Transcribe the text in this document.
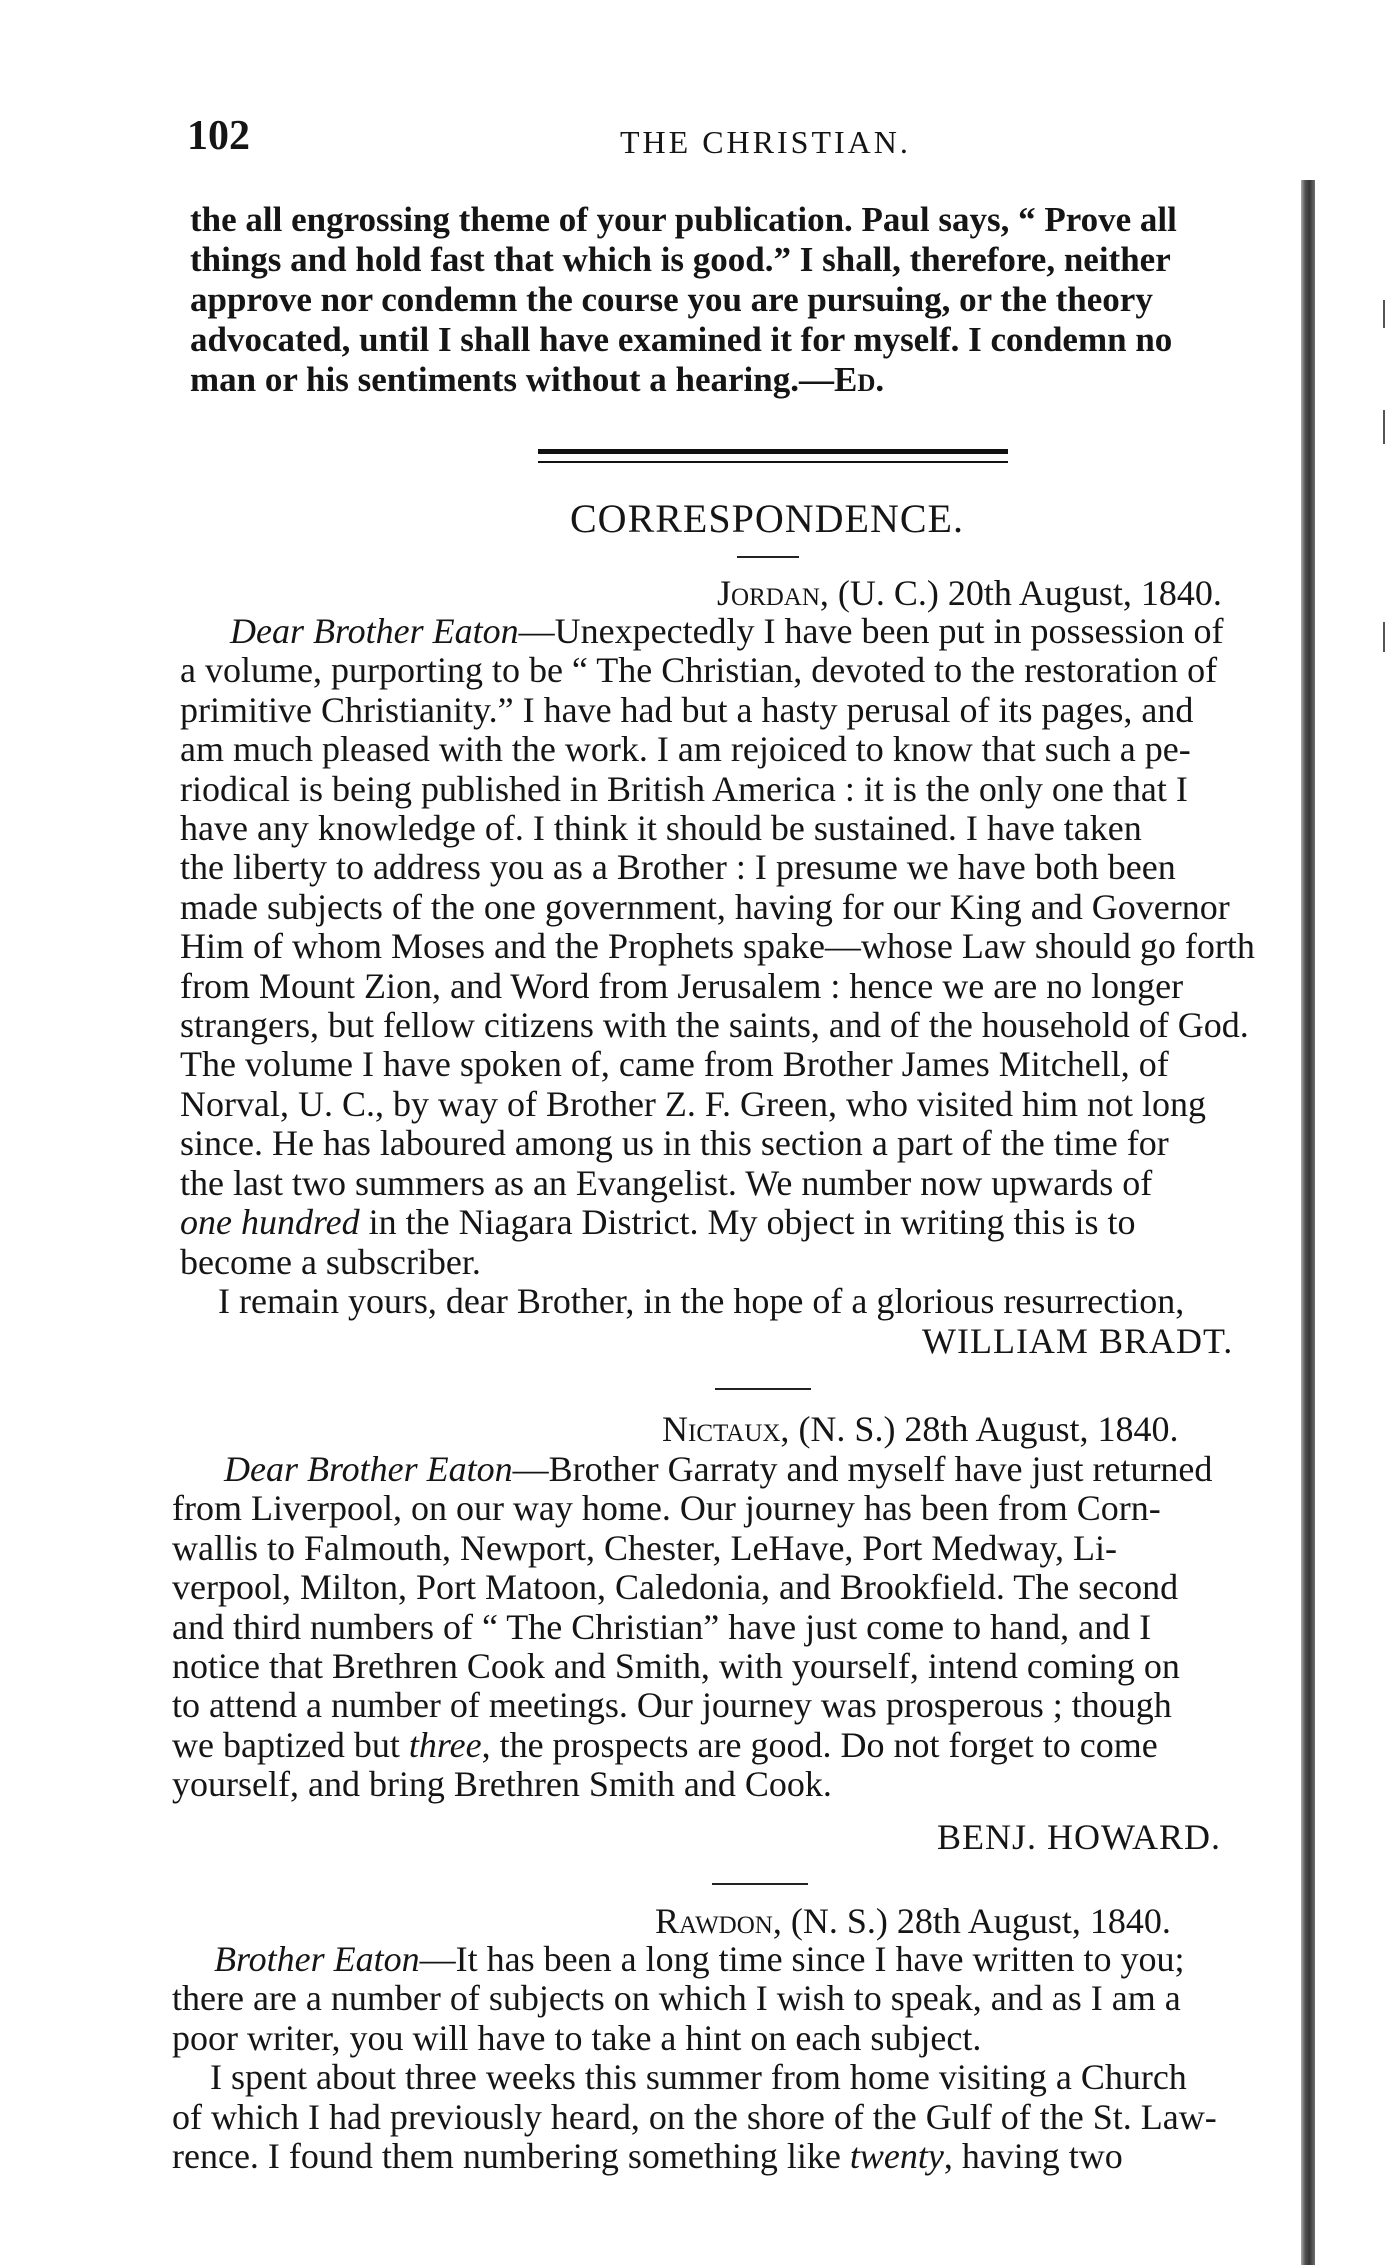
102	THE CHRISTIAN.
the all engrossing theme of your publication. Paul says, “ Prove all
things and hold fast that which is good.” I shall, therefore, neither
approve nor condemn the course you are pursuing, or the theory
advocated, until I shall have examined it for myself. I condemn no
man or his sentiments without a hearing.—Ed.
CORRESPONDENCE.
Jordan, (U. C.) 20th August, 1840.
Dear Brother Eaton—Unexpectedly I have been put in possession of
a volume, purporting to be “ The Christian, devoted to the restoration of
primitive Christianity.” I have had but a hasty perusal of its pages, and
am much pleased with the work. I am rejoiced to know that such a pe-
riodical is being published in British America : it is the only one that I
have any knowledge of. I think it should be sustained. I have taken
the liberty to address you as a Brother : I presume we have both been
made subjects of the one government, having for our King and Governor
Him of whom Moses and the Prophets spake—whose Law should go forth
from Mount Zion, and Word from Jerusalem : hence we are no longer
strangers, but fellow citizens with the saints, and of the household of God.
The volume I have spoken of, came from Brother James Mitchell, of
Norval, U. C., by way of Brother Z. F. Green, who visited him not long
since. He has laboured among us in this section a part of the time for
the last two summers as an Evangelist. We number now upwards of
one hundred in the Niagara District. My object in writing this is to
become a subscriber.
I remain yours, dear Brother, in the hope of a glorious resurrection,
WILLIAM BRADT.
Nictaux, (N. S.) 28th August, 1840.
Dear Brother Eaton—Brother Garraty and myself have just returned
from Liverpool, on our way home. Our journey has been from Corn-
wallis to Falmouth, Newport, Chester, LeHave, Port Medway, Li-
verpool, Milton, Port Matoon, Caledonia, and Brookfield. The second
and third numbers of “ The Christian” have just come to hand, and I
notice that Brethren Cook and Smith, with yourself, intend coming on
to attend a number of meetings. Our journey was prosperous ; though
we baptized but three, the prospects are good. Do not forget to come
yourself, and bring Brethren Smith and Cook.
BENJ. HOWARD.
Rawdon, (N. S.) 28th August, 1840.
Brother Eaton—It has been a long time since I have written to you;
there are a number of subjects on which I wish to speak, and as I am a
poor writer, you will have to take a hint on each subject.
I spent about three weeks this summer from home visiting a Church
of which I had previously heard, on the shore of the Gulf of the St. Law-
rence. I found them numbering something like twenty, having two
